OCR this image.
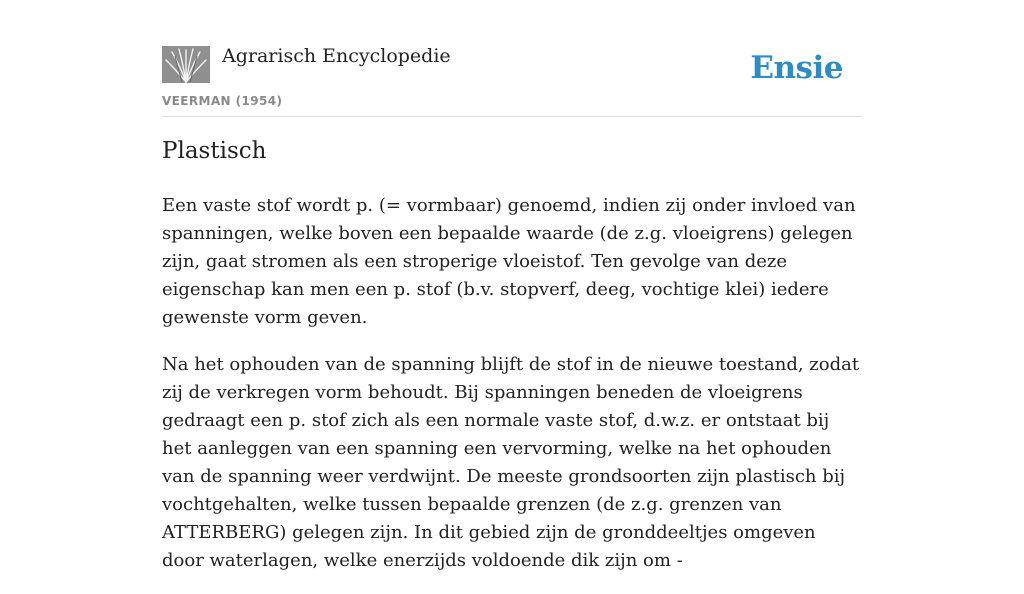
Agrarisch Encyclopedie
VEERMAN (1954)
Ensie
Plastisch

Een vaste stof wordt p. (= vormbaar) genoemd, indien zij onder invloed van spanningen, welke boven een bepaalde waarde (de z.g. vloeigrens) gelegen zijn, gaat stromen als een stroperige vloeistof. Ten gevolge van deze eigenschap kan men een p. stof (b.v. stopverf, deeg, vochtige klei) iedere gewenste vorm geven.

Na het ophouden van de spanning blijft de stof in de nieuwe toestand, zodat zij de verkregen vorm behoudt. Bij spanningen beneden de vloeigrens gedraagt een p. stof zich als een normale vaste stof, d.w.z. er ontstaat bij het aanleggen van een spanning een vervorming, welke na het ophouden van de spanning weer verdwijnt. De meeste grondsoorten zijn plastisch bij vochtgehalten, welke tussen bepaalde grenzen (de z.g. grenzen van ATTERBERG) gelegen zijn. In dit gebied zijn de gronddeeltjes omgeven door waterlagen, welke enerzijds voldoende dik zijn om -
